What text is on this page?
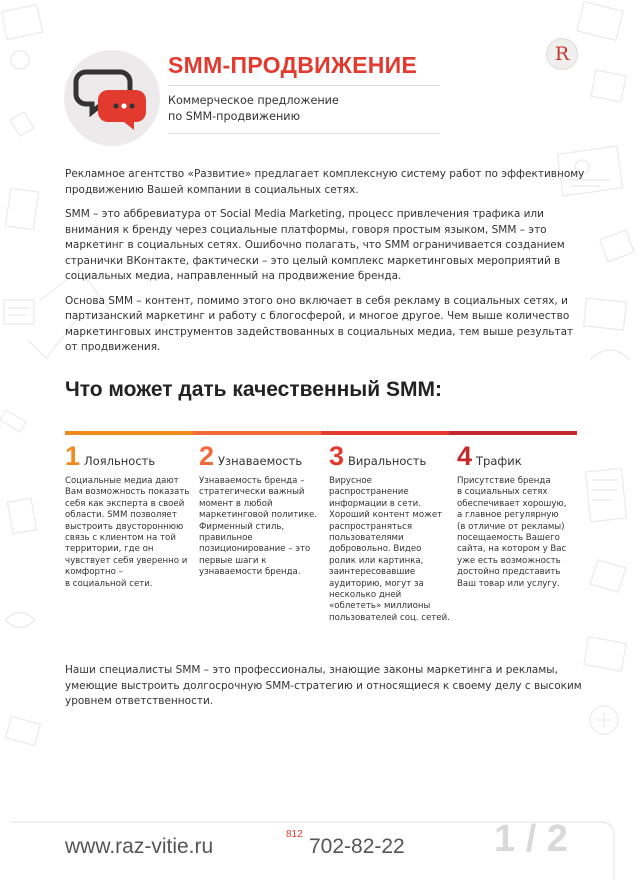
R
SMM-ПРОДВИЖЕНИЕ
Коммерческое предложение
по SMM-продвижению

Рекламное агентство «Развитие» предлагает комплексную систему работ по эффективному продвижению Вашей компании в социальных сетях.

SMM – это аббревиатура от Social Media Marketing, процесс привлечения трафика или внимания к бренду через социальные платформы, говоря простым языком, SMM – это маркетинг в социальных сетях. Ошибочно полагать, что SMM ограничивается созданием странички ВКонтакте, фактически – это целый комплекс маркетинговых мероприятий в социальных медиа, направленный на продвижение бренда.

Основа SMM – контент, помимо этого оно включает в себя рекламу в социальных сетях, и партизанский маркетинг и работу с блогосферой, и многое другое. Чем выше количество маркетинговых инструментов задействованных в социальных медиа, тем выше результат от продвижения.

Что может дать качественный SMM:
1 Лояльность
Социальные медиа дают
Вам возможность показать
себя как эксперта в своей
области. SMM позволяет
выстроить двустороннюю
связь с клиентом на той
территории, где он
чувствует себя уверенно и
комфортно –
в социальной сети.
2 Узнаваемость
Узнаваемость бренда –
стратегически важный
момент в любой
маркетинговой политике.
Фирменный стиль,
правильное
позиционирование – это
первые шаги к
узнаваемости бренда.
3 Виральность
Вирусное
распространение
информации в сети.
Хороший контент может
распространяться
пользователями
добровольно. Видео
ролик или картинка,
заинтересовавшие
аудиторию, могут за
несколько дней
«облететь» миллионы
пользователей соц. сетей.
4 Трафик
Присутствие бренда
в социальных сетях
обеспечивает хорошую,
а главное регулярную
(в отличие от рекламы)
посещаемость Вашего
сайта, на котором у Вас
уже есть возможность
достойно представить
Ваш товар или услугу.
Наши специалисты SMM – это профессионалы, знающие законы маркетинга и рекламы, умеющие выстроить долгосрочную SMM-стратегию и относящиеся к своему делу с высоким уровнем ответственности.
www.raz-vitie.ru
812
702-82-22 1 / 2
